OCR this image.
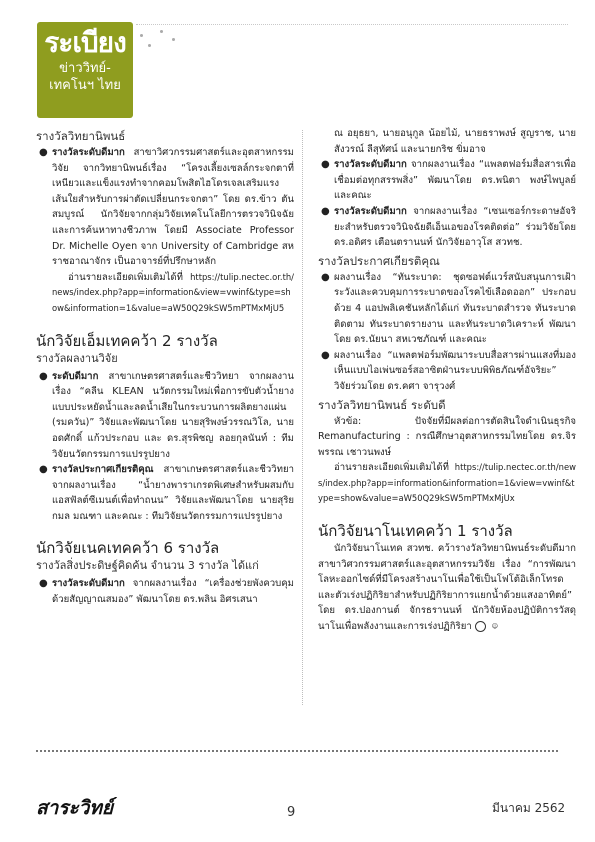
ระเบียง
ข่าววิทย์-
เทคโนฯ ไทย
รางวัลวิทยานิพนธ์
● รางวัลระดับดีมาก สาขาวิศวกรรมศาสตร์และอุตสาหกรรมวิจัย จากวิทยานิพนธ์เรื่อง “โครงเลี้ยงเซลล์กระจกตาที่เหนียวและแข็งแรงทำจากคอมโพสิตไฮโดรเจลเสริมแรงเส้นใยสำหรับการผ่าตัดเปลี่ยนกระจกตา” โดย ดร.ข้าว ตันสมบูรณ์ นักวิจัยจากกลุ่มวิจัยเทคโนโลยีการตรวจวินิจฉัยและการค้นหาทางชีวภาพ โดยมี Associate Professor Dr. Michelle Oyen จาก University of Cambridge สหราชอาณาจักร เป็นอาจารย์ที่ปรึกษาหลัก
อ่านรายละเอียดเพิ่มเติมได้ที่ https://tulip.nectec.or.th/news/index.php?app=information&view=vwinf&type=show&information=1&value=aW50Q29kSW5mPTMxMjU5
นักวิจัยเอ็มเทคคว้า 2 รางวัล
รางวัลผลงานวิจัย
● ระดับดีมาก สาขาเกษตรศาสตร์และชีววิทยา จากผลงานเรื่อง “คลีน KLEAN นวัตกรรมใหม่เพื่อการขับตัวน้ำยางแบบประหยัดน้ำและลดน้ำเสียในกระบวนการผลิตยางแผ่น (รมควัน)” วิจัยและพัฒนาโดย นายสุริพงษ์วรรณวิโล, นายอดศักดิ์ แก้วประกอบ และ ดร.สุรพิชญ ลอยกุลนันท์ : ทีมวิจัยนวัตกรรมการแปรรูปยาง
● รางวัลประกาศเกียรติคุณ สาขาเกษตรศาสตร์และชีววิทยา จากผลงานเรื่อง “น้ำยางพาราเกรดพิเศษสำหรับผสมกับแอสฟัลต์ซีเมนต์เพื่อทำถนน” วิจัยและพัฒนาโดย นายสุริยกมล มณฑา และคณะ : ทีมวิจัยนวัตกรรมการแปรรูปยาง
นักวิจัยเนคเทคคว้า 6 รางวัล
รางวัลสิ่งประดิษฐ์คิดค้น จำนวน 3 รางวัล ได้แก่
● รางวัลระดับดีมาก จากผลงานเรื่อง “เครื่องช่วยพังควบคุมด้วยสัญญาณสมอง” พัฒนาโดย ดร.พลิน อิศรเสนา
ณ อยุธยา, นายอนุกูล น้อยไม้, นายธราพงษ์ สูญราช, นายสังวรณ์ ลีสุทัศน์ และนายกริช ขิ่มอาจ
● รางวัลระดับดีมาก จากผลงานเรื่อง “แพลตฟอร์มสื่อสารเพื่อเชื่อมต่อทุกสรรพสิ่ง” พัฒนาโดย ดร.พนิตา พงษ์ไพบูลย์ และคณะ
● รางวัลระดับดีมาก จากผลงานเรื่อง “เซนเซอร์กระดาษอัจริยะสำหรับตรวจวินิจฉัยดีเอ็นเอของโรคติดต่อ” ร่วมวิจัยโดย ดร.อดิศร เตือนตรานนท์ นักวิจัยอาวุโส สวทช.
รางวัลประกาศเกียรติคุณ
● ผลงานเรื่อง “ทันระบาด: ชุดซอฟต์แวร์สนับสนุนการเฝ้าระวังและควบคุมการระบาดของโรคไข้เลือดออก” ประกอบด้วย 4 แอปพลิเคชันหลักได้แก่ ทันระบาดสำรวจ ทันระบาดติดตาม ทันระบาดรายงาน และทันระบาดวิเคราะห์ พัฒนาโดย ดร.นัยนา สหเวชภัณฑ์ และคณะ
● ผลงานเรื่อง “แพลตฟอร์มพัฒนาระบบสื่อสารผ่านแสงที่มองเห็นแบบไอเพ่นซอร์สอาซิตฝ่านระบบพิพิธภัณฑ์อัจริยะ” วิจัยร่วมโดย ดร.คศา จารุวงศ์
รางวัลวิทยานิพนธ์ ระดับดี
หัวข้อ: ปัจจัยที่มีผลต่อการตัดสินใจดำเนินธุรกิจ Remanufacturing : กรณีศึกษาอุตสาหกรรมไทยโดย ดร.จิรพรรณ เชาวนพงษ์
อ่านรายละเอียดเพิ่มเติมได้ที่ https://tulip.nectec.or.th/news/index.php?app=information&information=1&view=vwinf&type=show&value=aW50Q29kSW5mPTMxMjUx
นักวิจัยนาโนเทคคว้า 1 รางวัล
นักวิจัยนาโนเทค สวทช. คว้ารางวัลวิทยานิพนธ์ระดับดีมาก สาขาวิศวกรรมศาสตร์และอุตสาหกรรมวิจัย เรื่อง “การพัฒนาโลหะออกไซด์ที่มีโครงสร้างนาโนเพื่อใช้เป็นโฟโต้อิเล็กโทรดและตัวเร่งปฏิกิริยาสำหรับปฏิกิริยาการแยกน้ำด้วยแสงอาทิตย์” โดย ดร.ปองกานต์ จักรธรานนท์ นักวิจัยห้องปฏิบัติการวัสดุนาโนเพื่อพลังงานและการเร่งปฏิกิริยา	☺
สาระวิทย์	9	มีนาคม 2562
